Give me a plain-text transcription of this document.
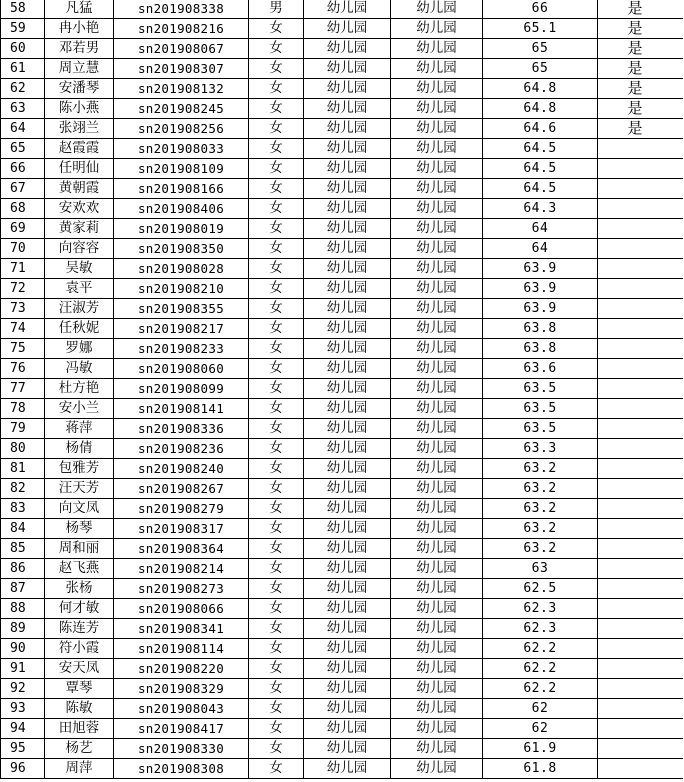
58	凡猛	sn201908338	男	幼儿园	幼儿园	66	是
59	冉小艳	sn201908216	女	幼儿园	幼儿园	65.1	是
60	邓若男	sn201908067	女	幼儿园	幼儿园	65	是
61	周立慧	sn201908307	女	幼儿园	幼儿园	65	是
62	安潘琴	sn201908132	女	幼儿园	幼儿园	64.8	是
63	陈小燕	sn201908245	女	幼儿园	幼儿园	64.8	是
64	张翊兰	sn201908256	女	幼儿园	幼儿园	64.6	是
65	赵霞霞	sn201908033	女	幼儿园	幼儿园	64.5	
66	任明仙	sn201908109	女	幼儿园	幼儿园	64.5	
67	黄朝霞	sn201908166	女	幼儿园	幼儿园	64.5	
68	安欢欢	sn201908406	女	幼儿园	幼儿园	64.3	
69	黄家莉	sn201908019	女	幼儿园	幼儿园	64	
70	向容容	sn201908350	女	幼儿园	幼儿园	64	
71	吴敏	sn201908028	女	幼儿园	幼儿园	63.9	
72	袁平	sn201908210	女	幼儿园	幼儿园	63.9	
73	汪淑芳	sn201908355	女	幼儿园	幼儿园	63.9	
74	任秋妮	sn201908217	女	幼儿园	幼儿园	63.8	
75	罗娜	sn201908233	女	幼儿园	幼儿园	63.8	
76	冯敏	sn201908060	女	幼儿园	幼儿园	63.6	
77	杜方艳	sn201908099	女	幼儿园	幼儿园	63.5	
78	安小兰	sn201908141	女	幼儿园	幼儿园	63.5	
79	蒋萍	sn201908336	女	幼儿园	幼儿园	63.5	
80	杨倩	sn201908236	女	幼儿园	幼儿园	63.3	
81	包雅芳	sn201908240	女	幼儿园	幼儿园	63.2	
82	汪天芳	sn201908267	女	幼儿园	幼儿园	63.2	
83	向文凤	sn201908279	女	幼儿园	幼儿园	63.2	
84	杨琴	sn201908317	女	幼儿园	幼儿园	63.2	
85	周和丽	sn201908364	女	幼儿园	幼儿园	63.2	
86	赵飞燕	sn201908214	女	幼儿园	幼儿园	63	
87	张杨	sn201908273	女	幼儿园	幼儿园	62.5	
88	何才敏	sn201908066	女	幼儿园	幼儿园	62.3	
89	陈连芳	sn201908341	女	幼儿园	幼儿园	62.3	
90	符小霞	sn201908114	女	幼儿园	幼儿园	62.2	
91	安天凤	sn201908220	女	幼儿园	幼儿园	62.2	
92	覃琴	sn201908329	女	幼儿园	幼儿园	62.2	
93	陈敏	sn201908043	女	幼儿园	幼儿园	62	
94	田旭蓉	sn201908417	女	幼儿园	幼儿园	62	
95	杨艺	sn201908330	女	幼儿园	幼儿园	61.9	
96	周萍	sn201908308	女	幼儿园	幼儿园	61.8	
